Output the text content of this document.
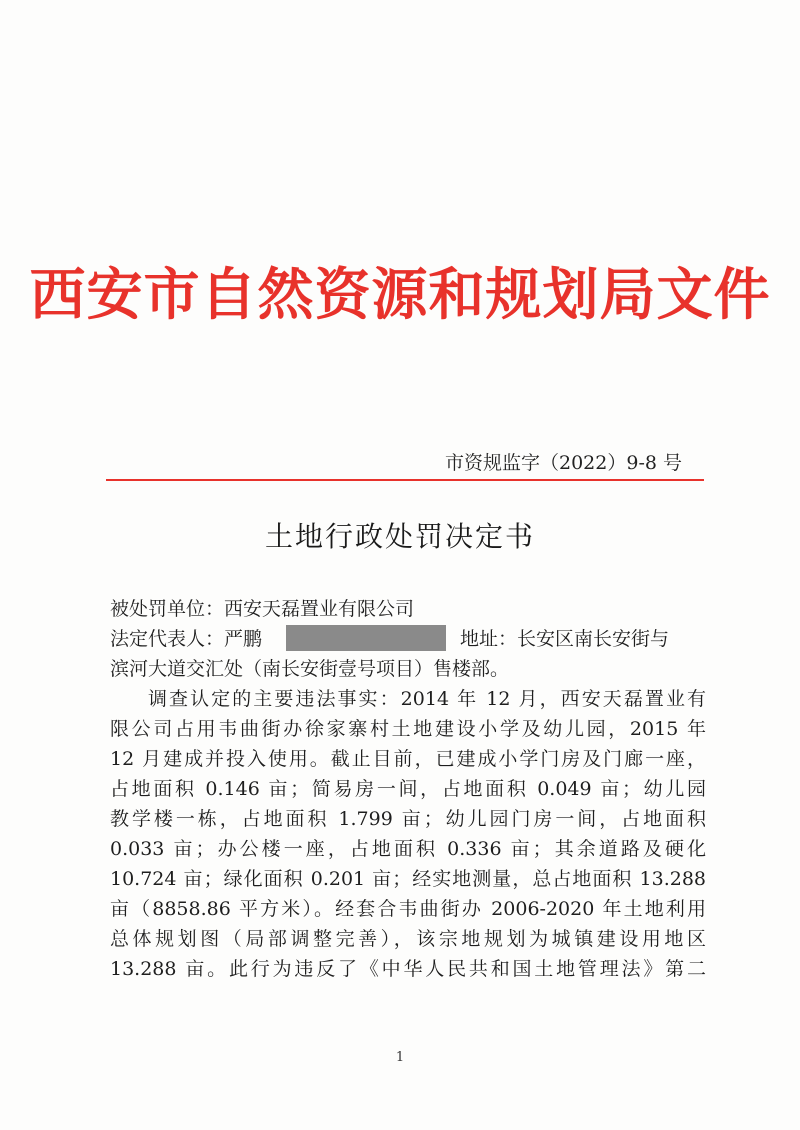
西安市自然资源和规划局文件
市资规监字（2022）9-8 号
土地行政处罚决定书
被处罚单位：西安天磊置业有限公司
法定代表人：严鹏	地址：长安区南长安街与
滨河大道交汇处（南长安街壹号项目）售楼部。
调查认定的主要违法事实：2014 年 12 月，西安天磊置业有
限公司占用韦曲街办徐家寨村土地建设小学及幼儿园，2015 年
12 月建成并投入使用。截止目前，已建成小学门房及门廊一座，
占地面积 0.146 亩；简易房一间，占地面积 0.049 亩；幼儿园
教学楼一栋，占地面积 1.799 亩；幼儿园门房一间，占地面积
0.033 亩；办公楼一座，占地面积 0.336 亩；其余道路及硬化
10.724 亩；绿化面积 0.201 亩；经实地测量，总占地面积 13.288
亩（8858.86 平方米）。经套合韦曲街办 2006-2020 年土地利用
总体规划图（局部调整完善），该宗地规划为城镇建设用地区
13.288 亩。此行为违反了《中华人民共和国土地管理法》第二
1
